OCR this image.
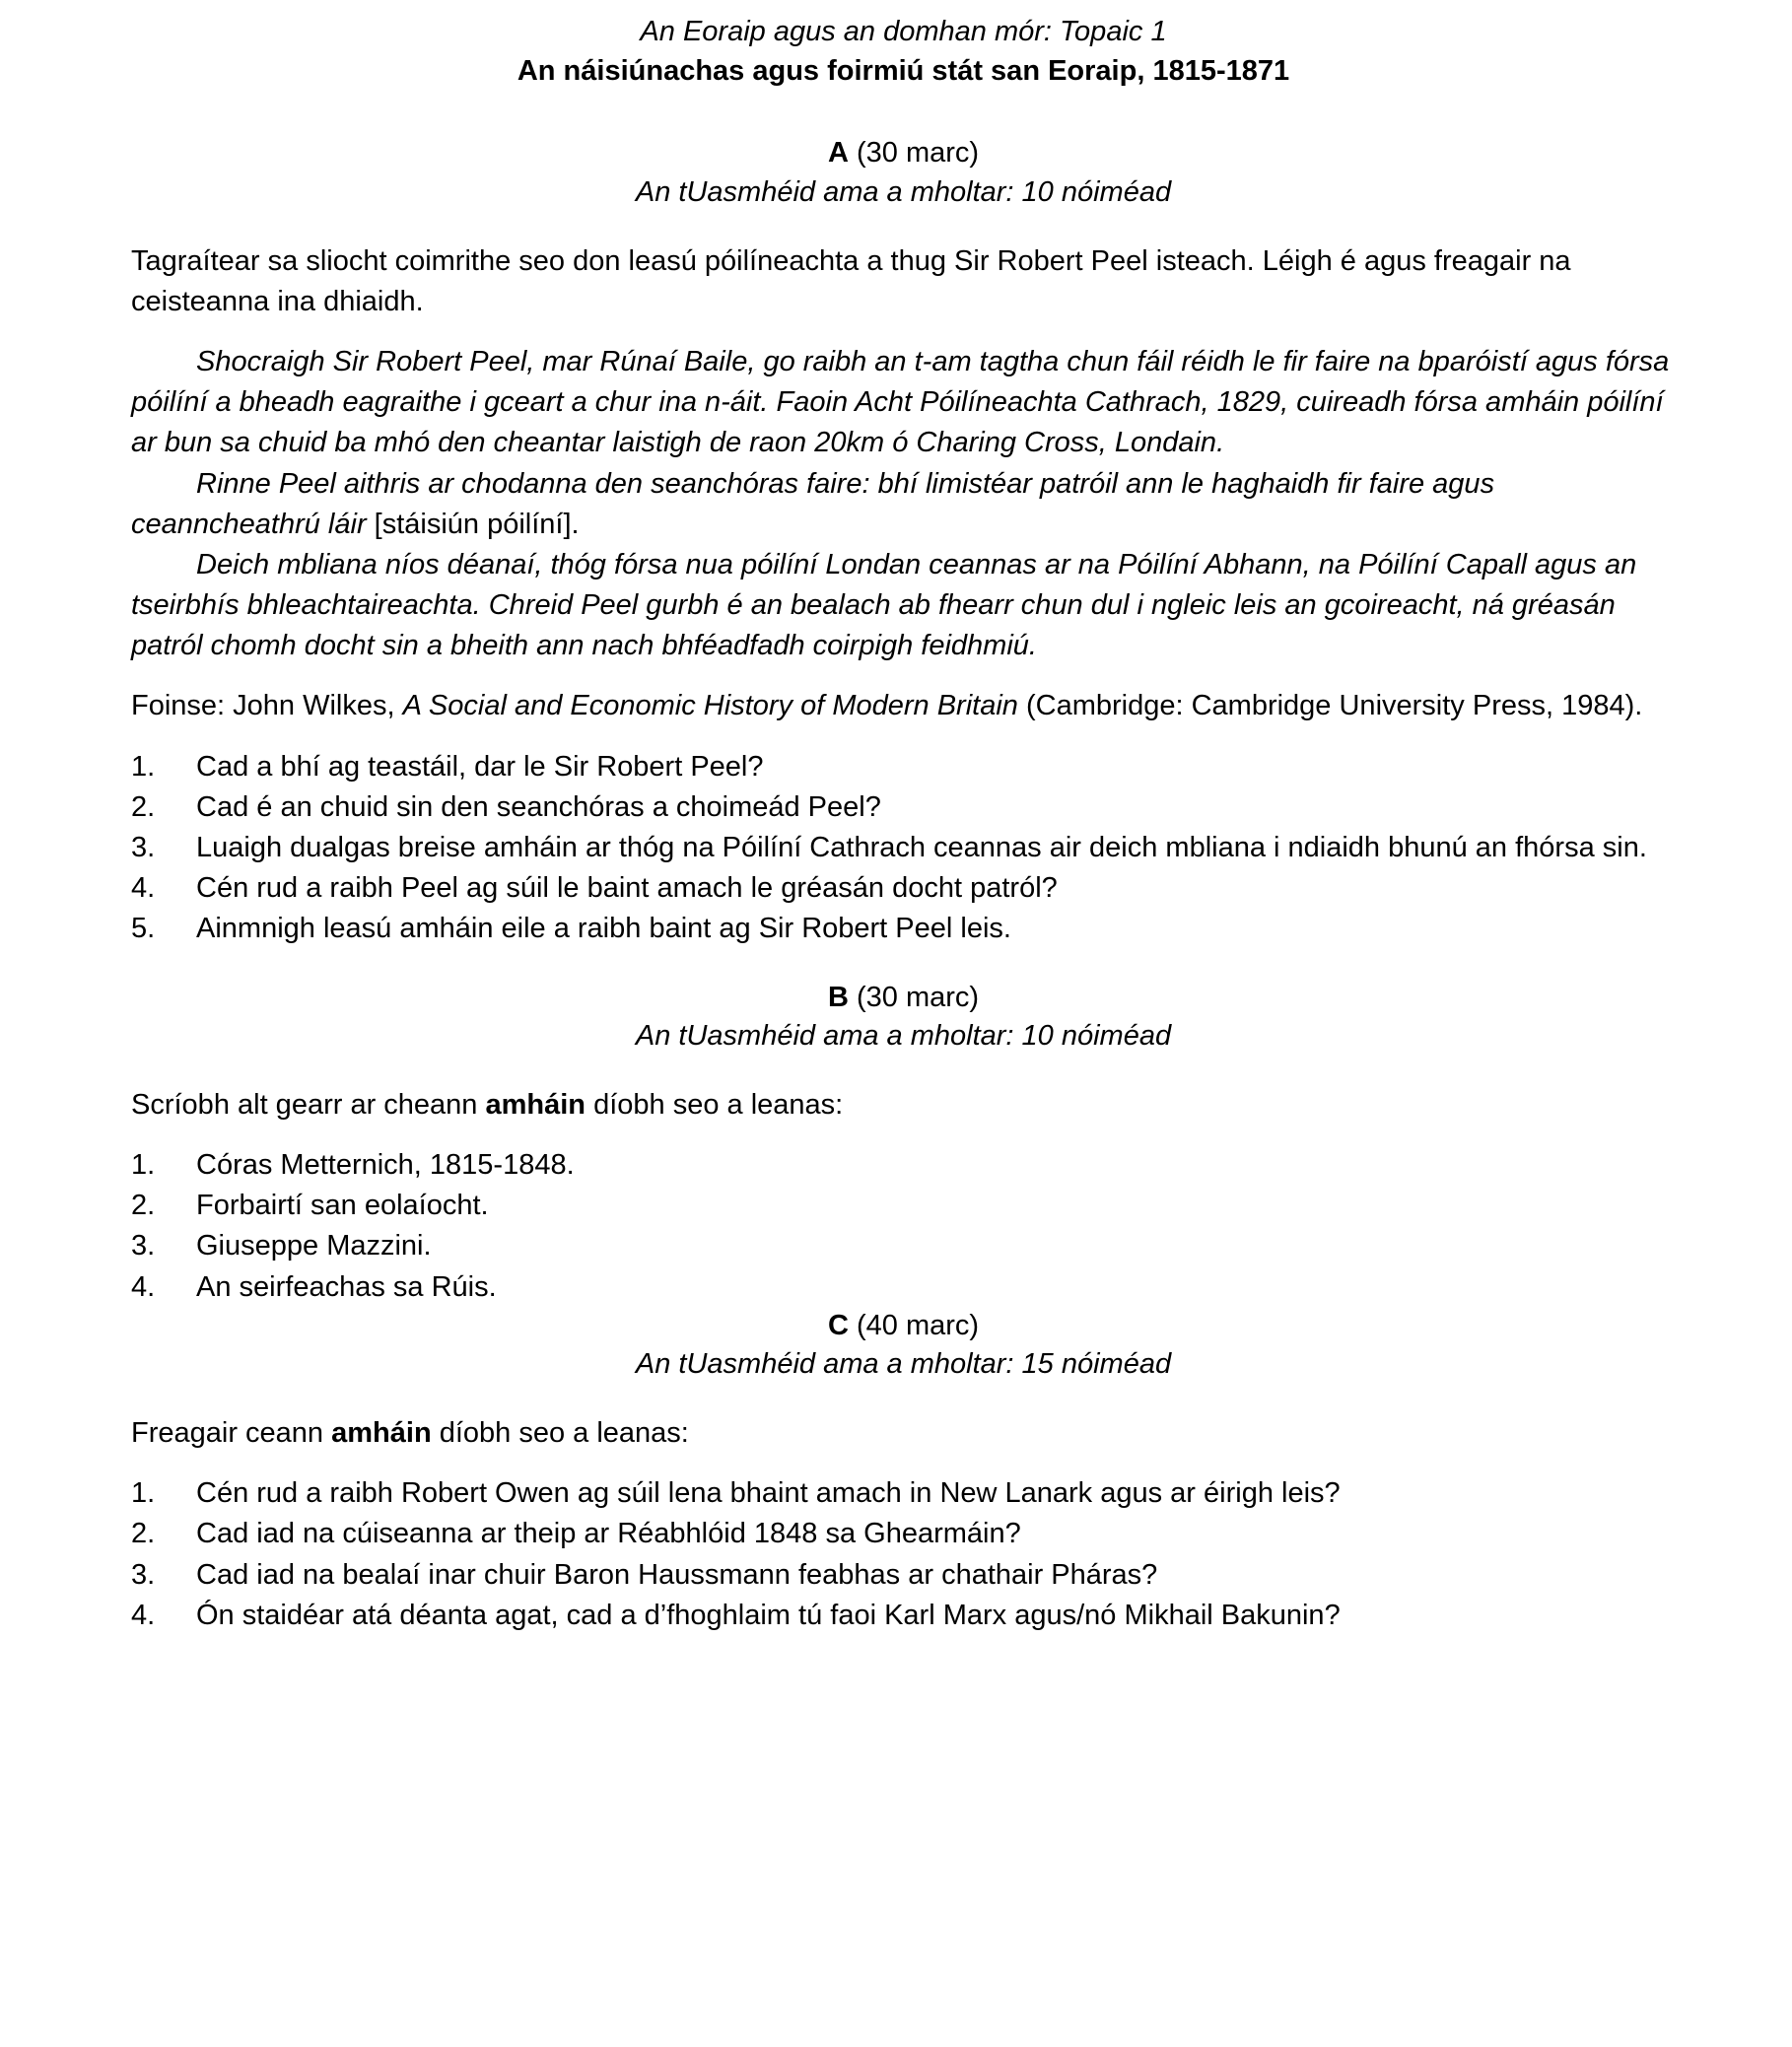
An Eoraip agus an domhan mór: Topaic 1
An náisiúnachas agus foirmiú stát san Eoraip, 1815-1871
A (30 marc)
An tUasmhéid ama a mholtar: 10 nóiméad

Tagraítear sa sliocht coimrithe seo don leasú póilíneachta a thug Sir Robert Peel isteach. Léigh é agus freagair na ceisteanna ina dhiaidh.

Shocraigh Sir Robert Peel, mar Rúnaí Baile, go raibh an t-am tagtha chun fáil réidh le fir faire na bparóistí agus fórsa póilíní a bheadh eagraithe i gceart a chur ina n-áit. Faoin Acht Póilíneachta Cathrach, 1829, cuireadh fórsa amháin póilíní ar bun sa chuid ba mhó den cheantar laistigh de raon 20km ó Charing Cross, Londain.

Rinne Peel aithris ar chodanna den seanchóras faire: bhí limistéar patróil ann le haghaidh fir faire agus ceanncheathrú láir [stáisiún póilíní].

Deich mbliana níos déanaí, thóg fórsa nua póilíní Londan ceannas ar na Póilíní Abhann, na Póilíní Capall agus an tseirbhís bhleachtaireachta. Chreid Peel gurbh é an bealach ab fhearr chun dul i ngleic leis an gcoireacht, ná gréasán patról chomh docht sin a bheith ann nach bhféadfadh coirpigh feidhmiú.

Foinse: John Wilkes, A Social and Economic History of Modern Britain (Cambridge: Cambridge University Press, 1984).

1.	Cad a bhí ag teastáil, dar le Sir Robert Peel?
2.	Cad é an chuid sin den seanchóras a choimeád Peel?
3.	Luaigh dualgas breise amháin ar thóg na Póilíní Cathrach ceannas air deich mbliana i ndiaidh bhunú an fhórsa sin.
4.	Cén rud a raibh Peel ag súil le baint amach le gréasán docht patról?
5.	Ainmnigh leasú amháin eile a raibh baint ag Sir Robert Peel leis.
B (30 marc)
An tUasmhéid ama a mholtar: 10 nóiméad

Scríobh alt gearr ar cheann amháin díobh seo a leanas:

1.	Córas Metternich, 1815-1848.
2.	Forbairtí san eolaíocht.
3.	Giuseppe Mazzini.
4.	An seirfeachas sa Rúis.
C (40 marc)
An tUasmhéid ama a mholtar: 15 nóiméad

Freagair ceann amháin díobh seo a leanas:

1.	Cén rud a raibh Robert Owen ag súil lena bhaint amach in New Lanark agus ar éirigh leis?
2.	Cad iad na cúiseanna ar theip ar Réabhlóid 1848 sa Ghearmáin?
3.	Cad iad na bealaí inar chuir Baron Haussmann feabhas ar chathair Pháras?
4.	Ón staidéar atá déanta agat, cad a d’fhoghlaim tú faoi Karl Marx agus/nó Mikhail Bakunin?
